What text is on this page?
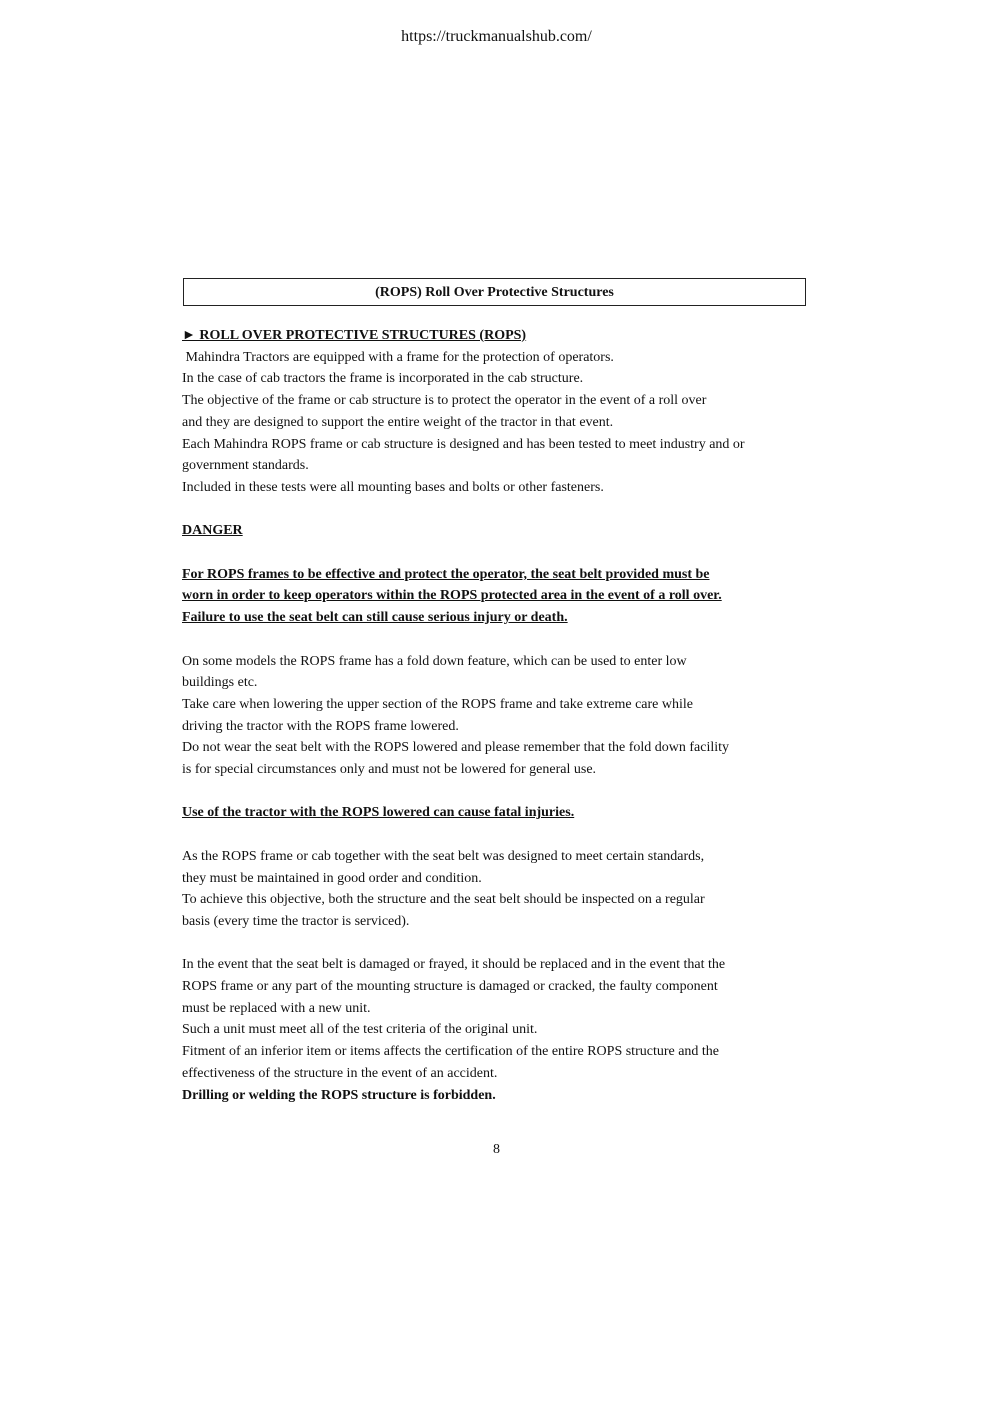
https://truckmanualshub.com/
(ROPS) Roll Over Protective Structures
► ROLL OVER PROTECTIVE STRUCTURES (ROPS)
Mahindra Tractors are equipped with a frame for the protection of operators.
In the case of cab tractors the frame is incorporated in the cab structure.
The objective of the frame or cab structure is to protect the operator in the event of a roll over
and they are designed to support the entire weight of the tractor in that event.
Each Mahindra ROPS frame or cab structure is designed and has been tested to meet industry and or
government standards.
Included in these tests were all mounting bases and bolts or other fasteners.
DANGER
For ROPS frames to be effective and protect the operator, the seat belt provided must be
worn in order to keep operators within the ROPS protected area in the event of a roll over.
Failure to use the seat belt can still cause serious injury or death.
On some models the ROPS frame has a fold down feature, which can be used to enter low
buildings etc.
Take care when lowering the upper section of the ROPS frame and take extreme care while
driving the tractor with the ROPS frame lowered.
Do not wear the seat belt with the ROPS lowered and please remember that the fold down facility
is for special circumstances only and must not be lowered for general use.
Use of the tractor with the ROPS lowered can cause fatal injuries.
As the ROPS frame or cab together with the seat belt was designed to meet certain standards,
they must be maintained in good order and condition.
To achieve this objective, both the structure and the seat belt should be inspected on a regular
basis (every time the tractor is serviced).
In the event that the seat belt is damaged or frayed, it should be replaced and in the event that the
ROPS frame or any part of the mounting structure is damaged or cracked, the faulty component
must be replaced with a new unit.
Such a unit must meet all of the test criteria of the original unit.
Fitment of an inferior item or items affects the certification of the entire ROPS structure and the
effectiveness of the structure in the event of an accident.
Drilling or welding the ROPS structure is forbidden.
8
